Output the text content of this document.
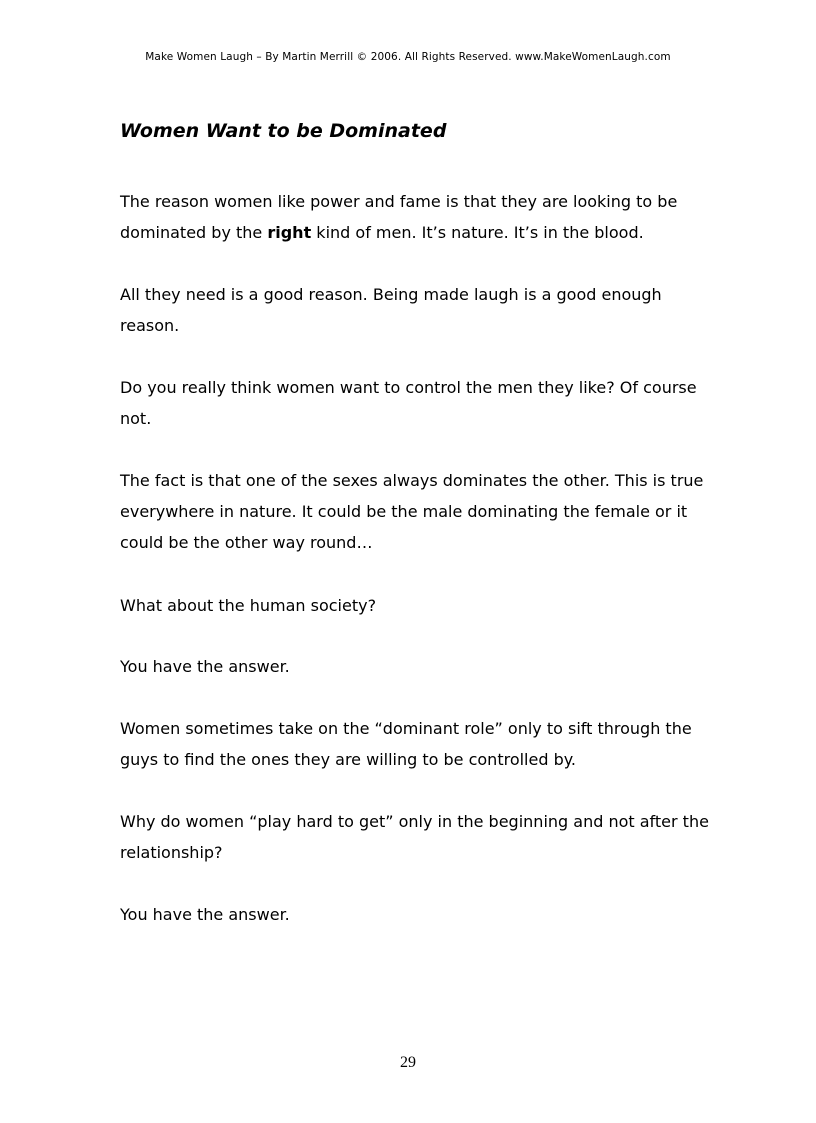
Make Women Laugh – By Martin Merrill © 2006. All Rights Reserved. www.MakeWomenLaugh.com
Women Want to be Dominated

The reason women like power and fame is that they are looking to be dominated by the right kind of men. It’s nature. It’s in the blood.

All they need is a good reason. Being made laugh is a good enough reason.

Do you really think women want to control the men they like? Of course not.

The fact is that one of the sexes always dominates the other. This is true everywhere in nature. It could be the male dominating the female or it could be the other way round…

What about the human society?

You have the answer.

Women sometimes take on the “dominant role” only to sift through the guys to find the ones they are willing to be controlled by.

Why do women “play hard to get” only in the beginning and not after the relationship?

You have the answer.

29
